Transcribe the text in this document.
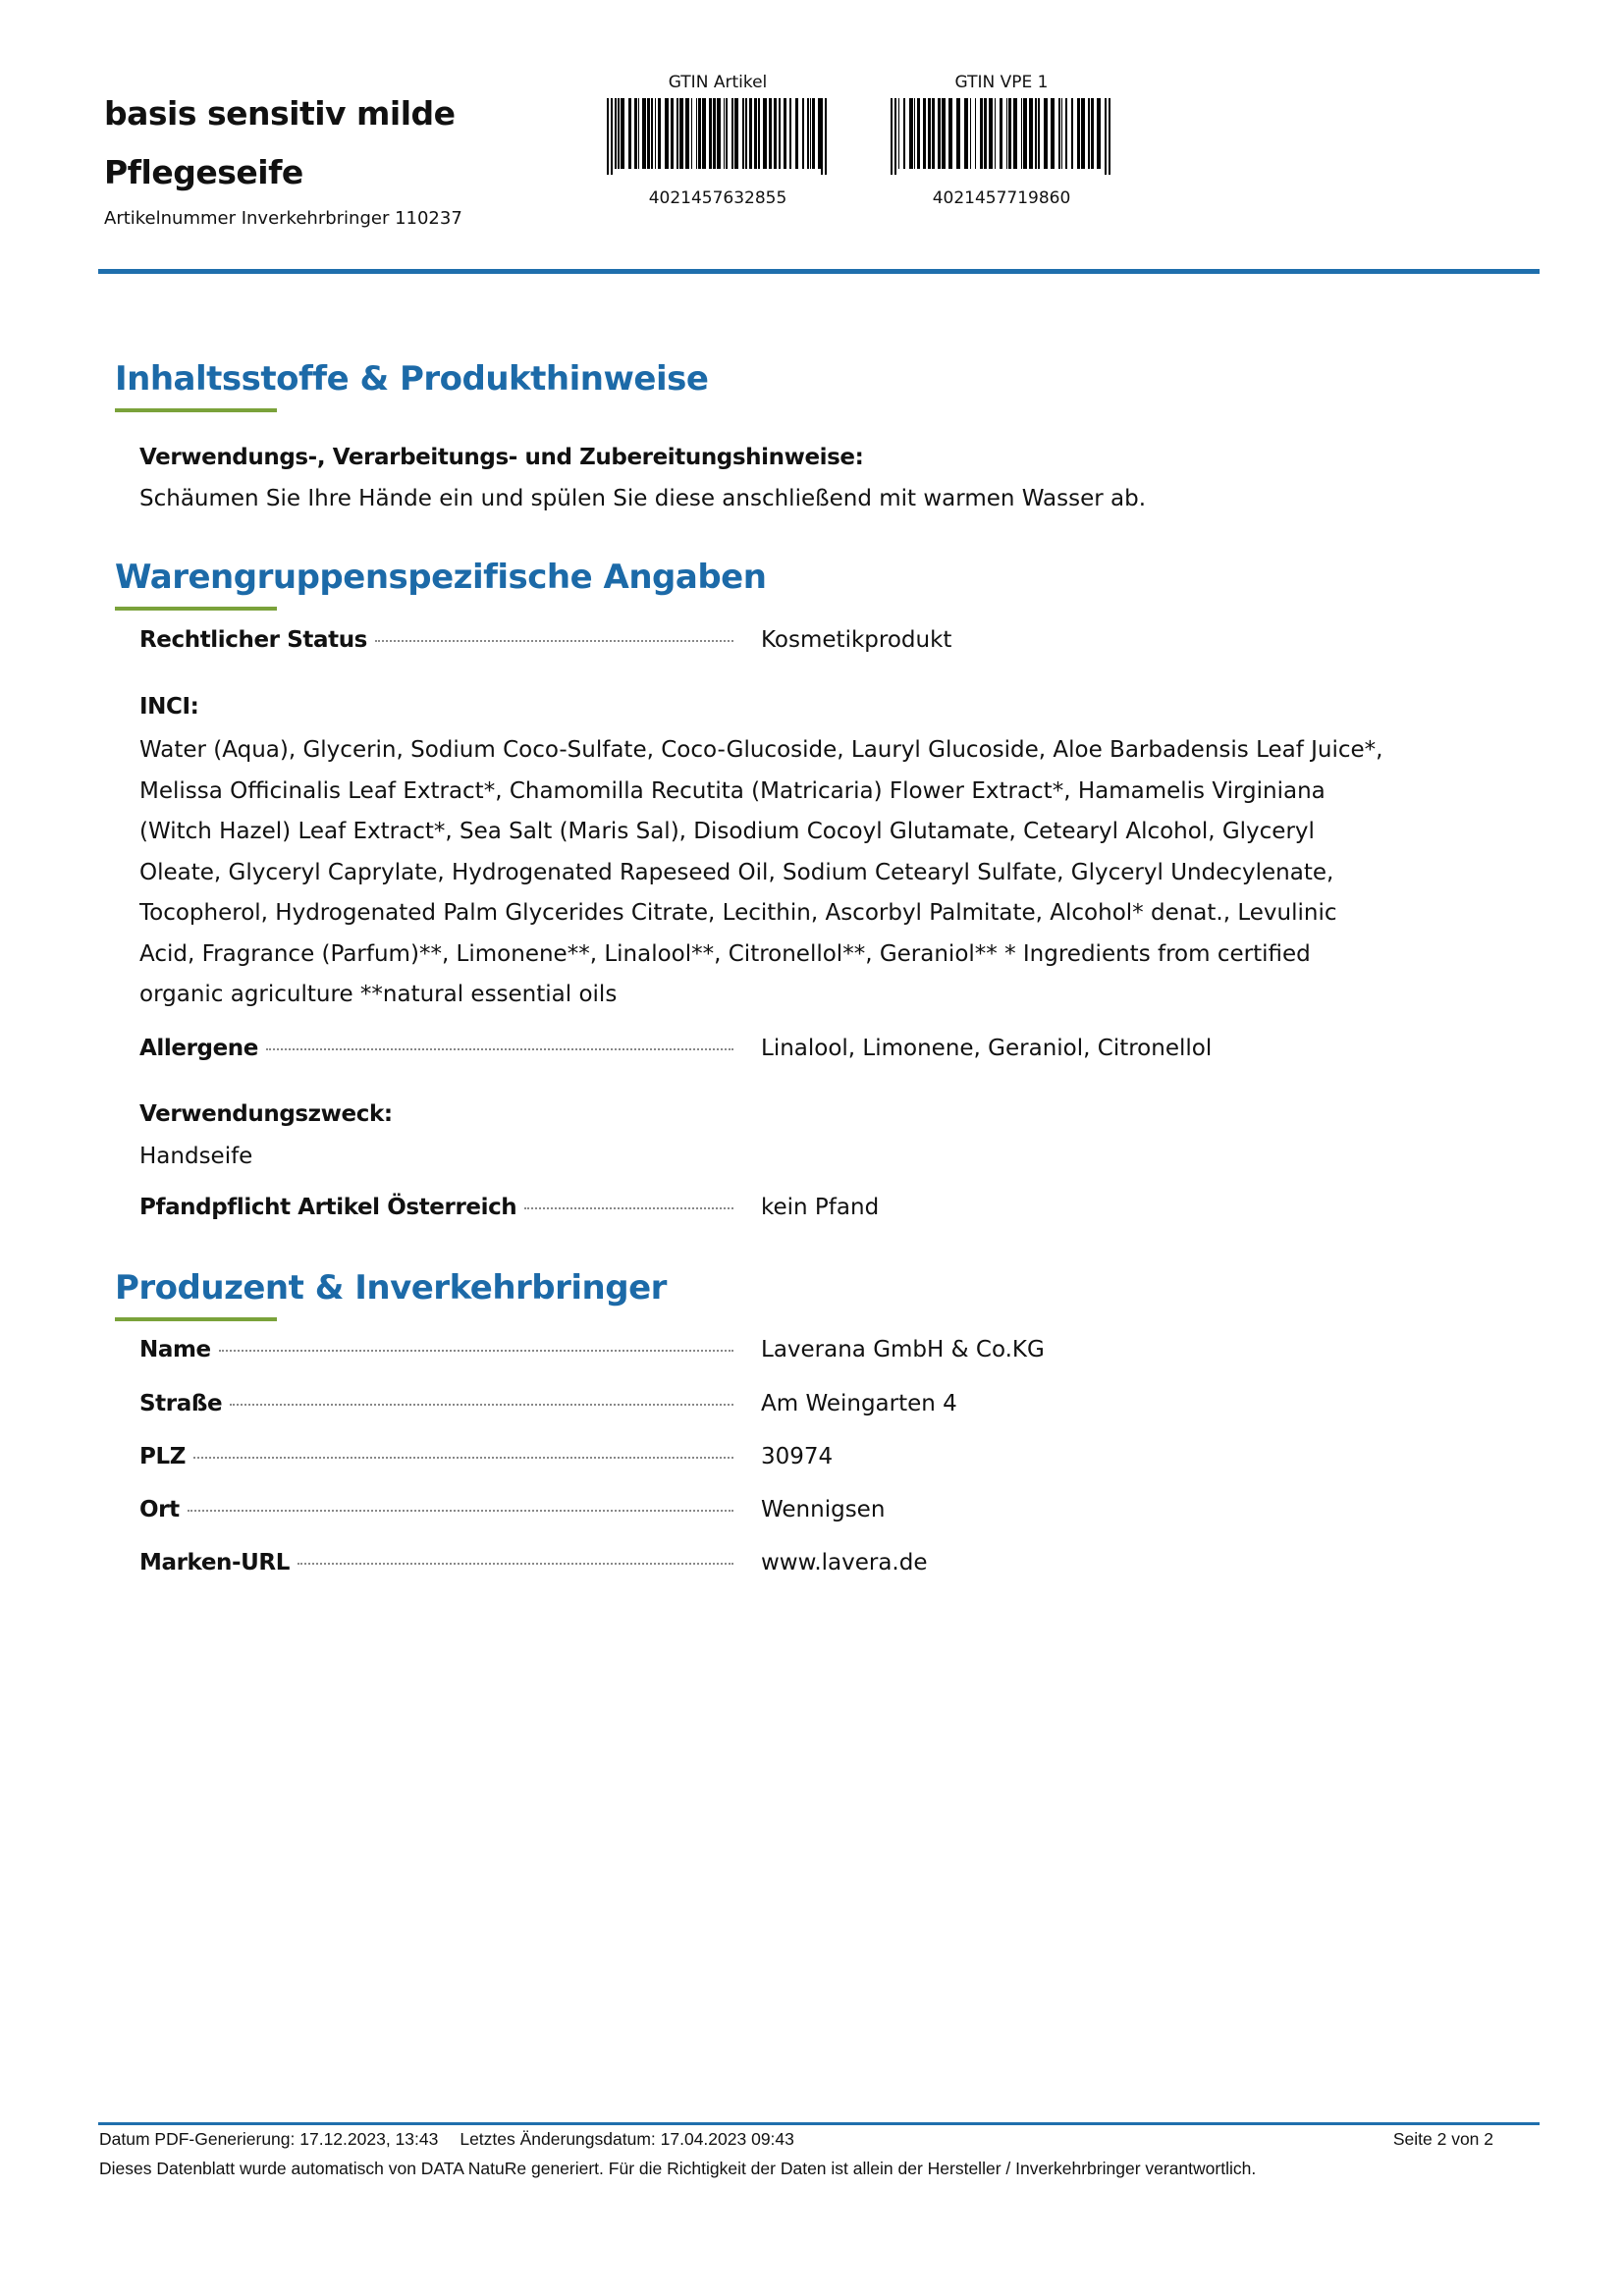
basis sensitiv milde
Pflegeseife
Artikelnummer Inverkehrbringer 110237
GTIN Artikel
4021457632855
GTIN VPE 1
4021457719860
Inhaltsstoffe & Produkthinweise
Verwendungs-, Verarbeitungs- und Zubereitungshinweise:
Schäumen Sie Ihre Hände ein und spülen Sie diese anschließend mit warmen Wasser ab.
Warengruppenspezifische Angaben
Rechtlicher Status	Kosmetikprodukt
INCI:
Water (Aqua), Glycerin, Sodium Coco-Sulfate, Coco-Glucoside, Lauryl Glucoside, Aloe Barbadensis Leaf Juice*,
Melissa Officinalis Leaf Extract*, Chamomilla Recutita (Matricaria) Flower Extract*, Hamamelis Virginiana
(Witch Hazel) Leaf Extract*, Sea Salt (Maris Sal), Disodium Cocoyl Glutamate, Cetearyl Alcohol, Glyceryl
Oleate, Glyceryl Caprylate, Hydrogenated Rapeseed Oil, Sodium Cetearyl Sulfate, Glyceryl Undecylenate,
Tocopherol, Hydrogenated Palm Glycerides Citrate, Lecithin, Ascorbyl Palmitate, Alcohol* denat., Levulinic
Acid, Fragrance (Parfum)**, Limonene**, Linalool**, Citronellol**, Geraniol** * Ingredients from certified
organic agriculture **natural essential oils
Allergene	Linalool, Limonene, Geraniol, Citronellol
Verwendungszweck:
Handseife
Pfandpflicht Artikel Österreich	kein Pfand
Produzent & Inverkehrbringer
Name	Laverana GmbH & Co.KG
Straße	Am Weingarten 4
PLZ	30974
Ort	Wennigsen
Marken-URL	www.lavera.de
Datum PDF-Generierung: 17.12.2023, 13:43 Letztes Änderungsdatum: 17.04.2023 09:43	Seite 2 von 2
Dieses Datenblatt wurde automatisch von DATA NatuRe generiert. Für die Richtigkeit der Daten ist allein der Hersteller / Inverkehrbringer verantwortlich.
